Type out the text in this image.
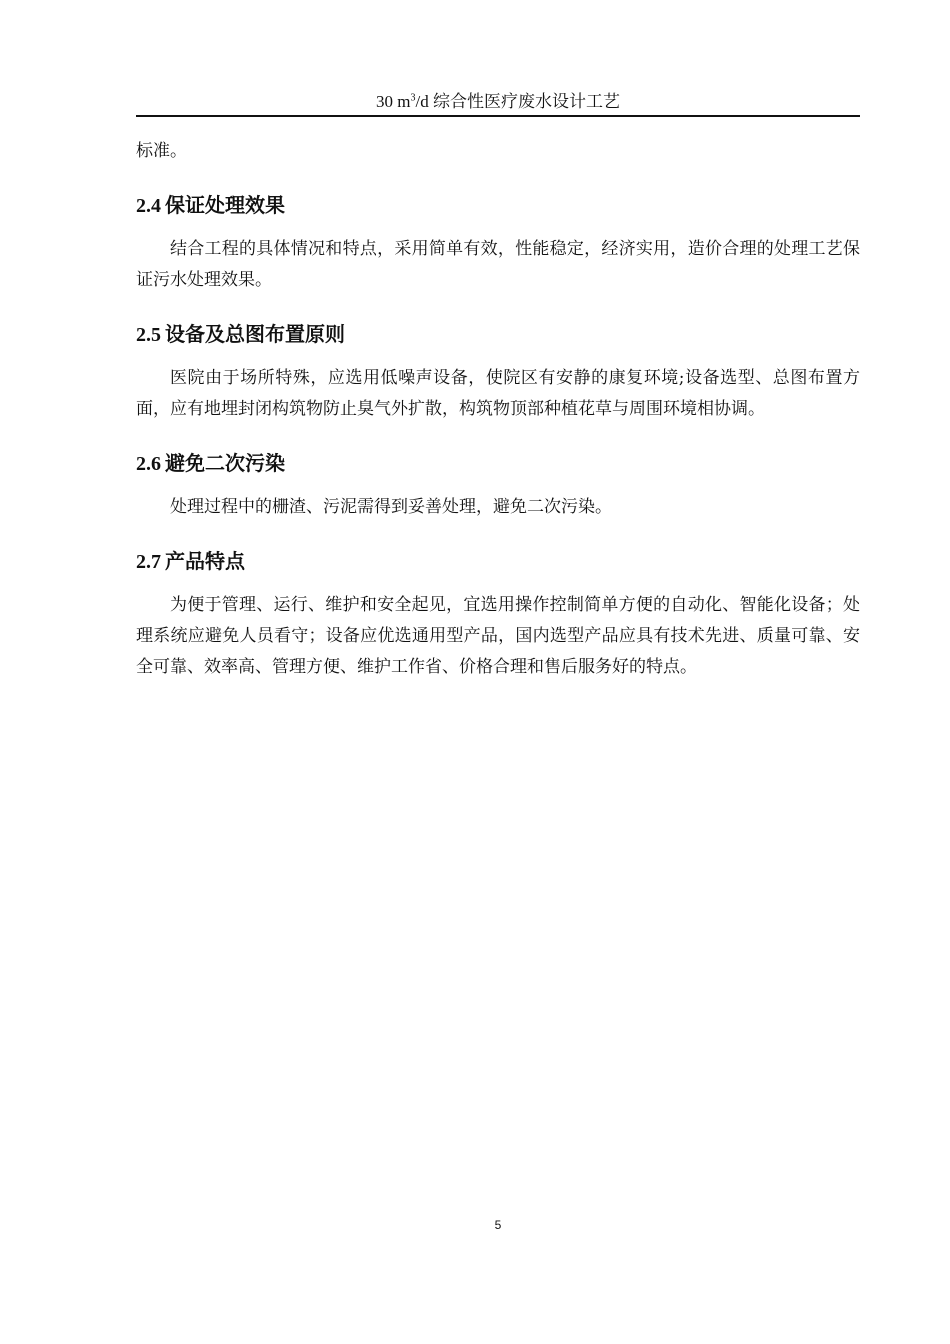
30 $m^3/d$ 综合性医疗废水设计工艺

标准。

2.4 保证处理效果

结合工程的具体情况和特点，采用简单有效，性能稳定，经济实用，造价合理的处理工艺保证污水处理效果。

2.5 设备及总图布置原则

医院由于场所特殊，应选用低噪声设备，使院区有安静的康复环境;设备选型、总图布置方面，应有地埋封闭构筑物防止臭气外扩散，构筑物顶部种植花草与周围环境相协调。

2.6 避免二次污染

处理过程中的栅渣、污泥需得到妥善处理，避免二次污染。

2.7 产品特点

为便于管理、运行、维护和安全起见，宜选用操作控制简单方便的自动化、智能化设备；处理系统应避免人员看守；设备应优选通用型产品，国内选型产品应具有技术先进、质量可靠、安全可靠、效率高、管理方便、维护工作省、价格合理和售后服务好的特点。

5
